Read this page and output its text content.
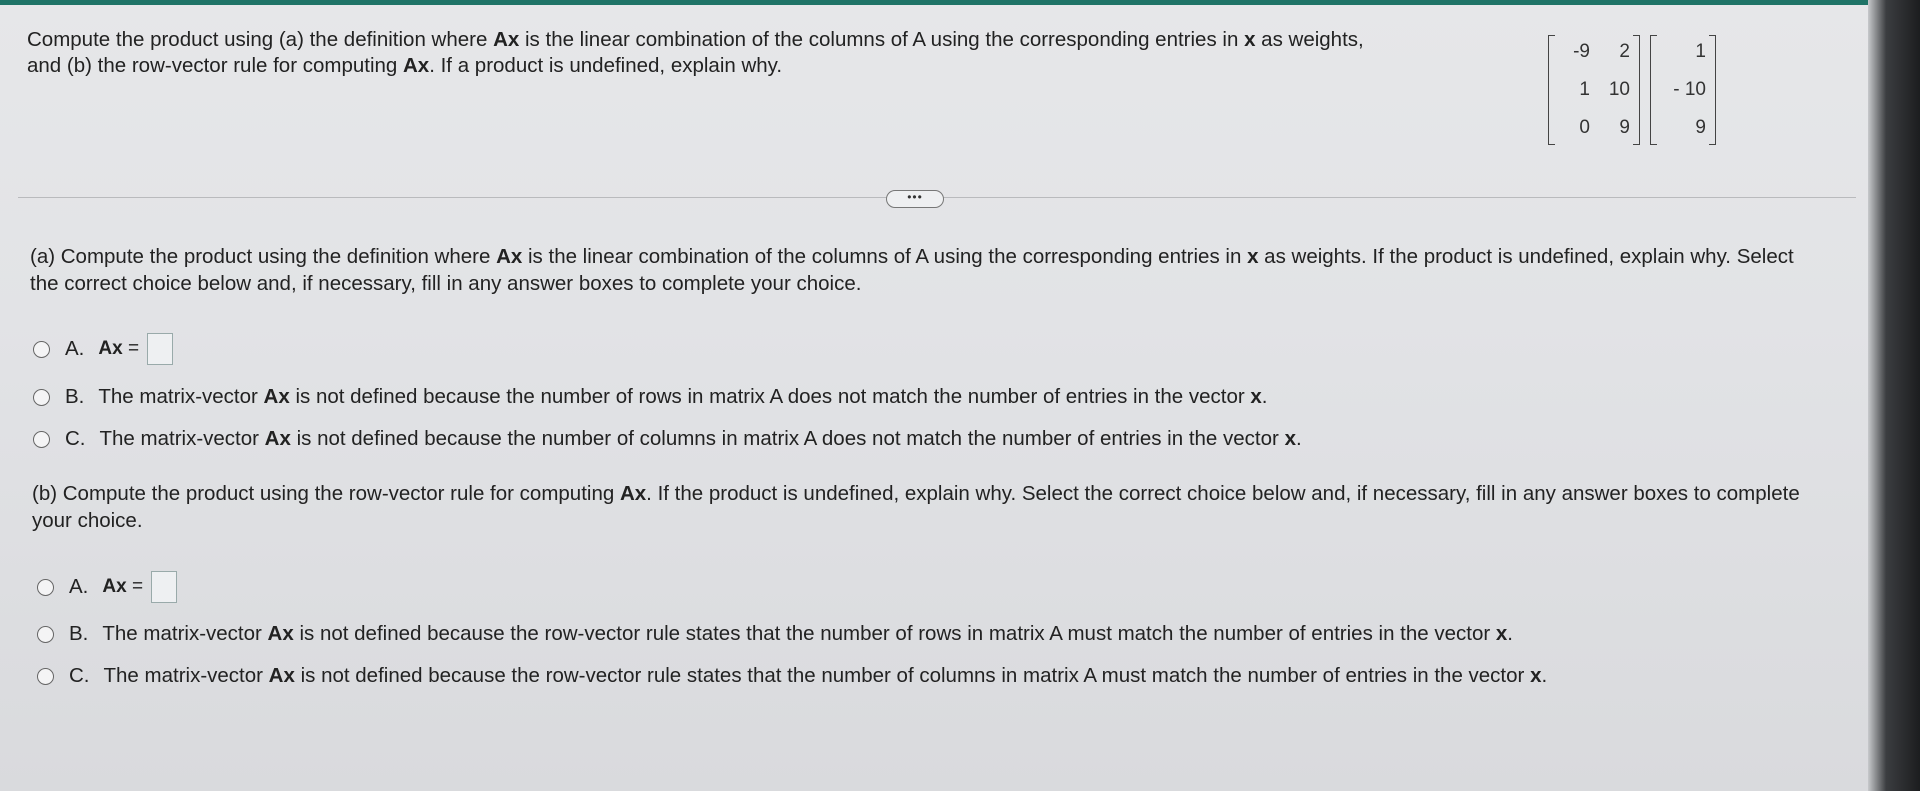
Compute the product using (a) the definition where Ax is the linear combination of the columns of A using the corresponding entries in x as weights,

and (b) the row-vector rule for computing Ax. If a product is undefined, explain why.

-9	2
1 10
0	9
1
- 10
9
•••

(a) Compute the product using the definition where Ax is the linear combination of the columns of A using the corresponding entries in x as weights. If the product is undefined, explain why. Select

the correct choice below and, if necessary, fill in any answer boxes to complete your choice.

A. Ax =
B. The matrix-vector Ax is not defined because the number of rows in matrix A does not match the number of entries in the vector x.
C. The matrix-vector Ax is not defined because the number of columns in matrix A does not match the number of entries in the vector x.

(b) Compute the product using the row-vector rule for computing Ax. If the product is undefined, explain why. Select the correct choice below and, if necessary, fill in any answer boxes to complete

your choice.

A. Ax =
B. The matrix-vector Ax is not defined because the row-vector rule states that the number of rows in matrix A must match the number of entries in the vector x.
C. The matrix-vector Ax is not defined because the row-vector rule states that the number of columns in matrix A must match the number of entries in the vector x.
